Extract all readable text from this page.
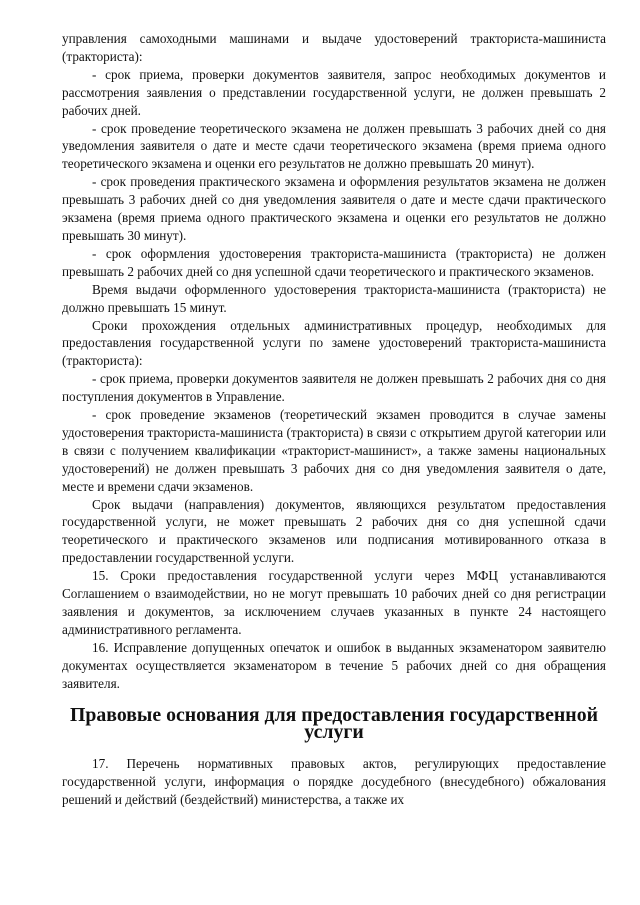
управления самоходными машинами и выдаче удостоверений тракториста-машиниста (тракториста):

- срок приема, проверки документов заявителя, запрос необходимых документов и рассмотрения заявления о представлении государственной услуги, не должен превышать 2 рабочих дней.

- срок проведение теоретического экзамена не должен превышать 3 рабочих дней со дня уведомления заявителя о дате и месте сдачи теоретического экзамена (время приема одного теоретического экзамена и оценки его результатов не должно превышать 20 минут).

- срок проведения практического экзамена и оформления результатов экзамена не должен превышать 3 рабочих дней со дня уведомления заявителя о дате и месте сдачи практического экзамена (время приема одного практического экзамена и оценки его результатов не должно превышать 30 минут).

- срок оформления удостоверения тракториста-машиниста (тракториста) не должен превышать 2 рабочих дней со дня успешной сдачи теоретического и практического экзаменов.

Время выдачи оформленного удостоверения тракториста-машиниста (тракториста) не должно превышать 15 минут.

Сроки прохождения отдельных административных процедур, необходимых для предоставления государственной услуги по замене удостоверений тракториста-машиниста (тракториста):

- срок приема, проверки документов заявителя не должен превышать 2 рабочих дня со дня поступления документов в Управление.

- срок проведение экзаменов (теоретический экзамен проводится в случае замены удостоверения тракториста-машиниста (тракториста) в связи с открытием другой категории или в связи с получением квалификации «тракторист-машинист», а также замены национальных удостоверений) не должен превышать 3 рабочих дня со дня уведомления заявителя о дате, месте и времени сдачи экзаменов.

Срок выдачи (направления) документов, являющихся результатом предоставления государственной услуги, не может превышать 2 рабочих дня со дня успешной сдачи теоретического и практического экзаменов или подписания мотивированного отказа в предоставлении государственной услуги.

15. Сроки предоставления государственной услуги через МФЦ устанавливаются Соглашением о взаимодействии, но не могут превышать 10 рабочих дней со дня регистрации заявления и документов, за исключением случаев указанных в пункте 24 настоящего административного регламента.

16. Исправление допущенных опечаток и ошибок в выданных экзаменатором заявителю документах осуществляется экзаменатором в течение 5 рабочих дней со дня обращения заявителя.

Правовые основания для предоставления государственной услуги

17. Перечень нормативных правовых актов, регулирующих предоставление государственной услуги, информация о порядке досудебного (внесудебного) обжалования решений и действий (бездействий) министерства, а также их
